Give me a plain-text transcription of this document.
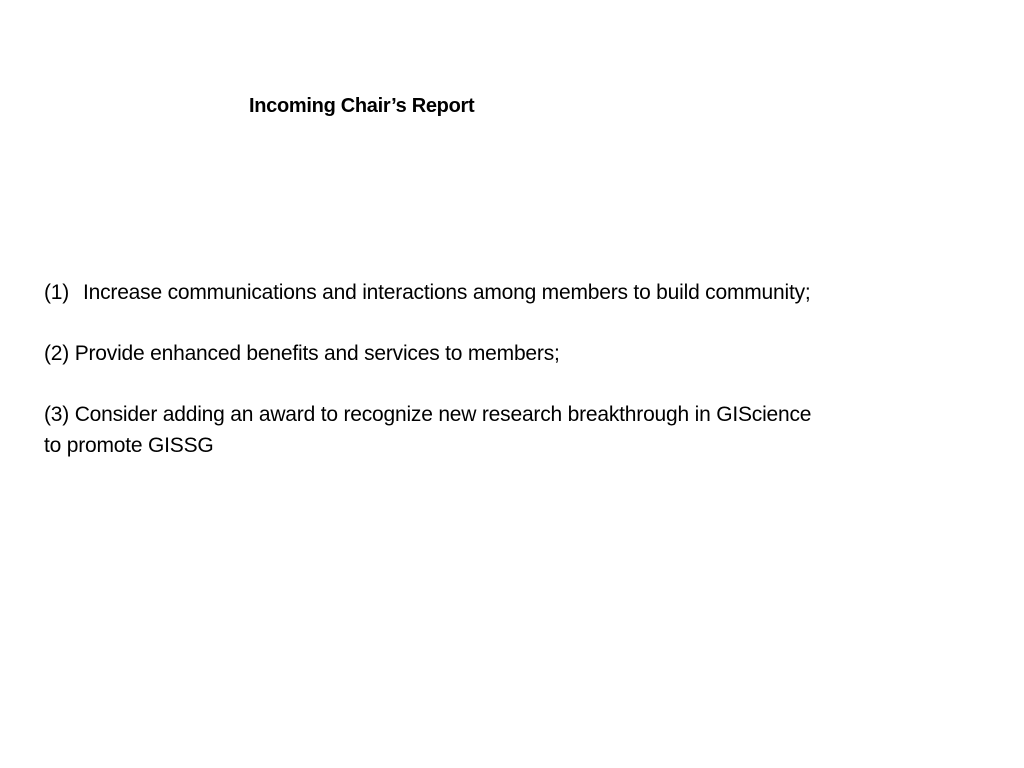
Incoming Chair’s Report
(1) Increase communications and interactions among members to build community;
(2) Provide enhanced benefits and services to members;
(3) Consider adding an award to recognize new research breakthrough in GIScience
to promote GISSG
